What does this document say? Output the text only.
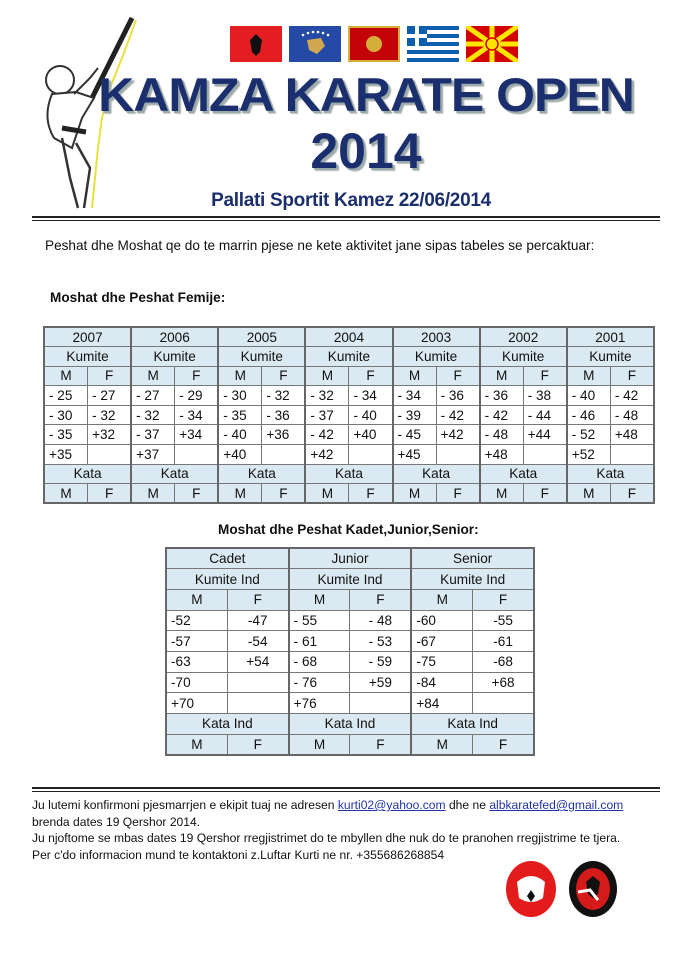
KAMZA KARATE OPEN
2014
Pallati Sportit Kamez 22/06/2014
Peshat dhe Moshat qe do te marrin pjese ne kete aktivitet jane sipas tabeles se percaktuar:
Moshat dhe Peshat Femije:
2007		2006		2005		2004		2003		2002		2001	
Kumite		Kumite		Kumite		Kumite		Kumite		Kumite		Kumite	
M	F	M	F	M	F	M	F	M	F	M	F	M	F
- 25	- 27	- 27	- 29	- 30	- 32	- 32	- 34	- 34	- 36	- 36	- 38	- 40	- 42
- 30	- 32	- 32	- 34	- 35	- 36	- 37	- 40	- 39	- 42	- 42	- 44	- 46	- 48
- 35	+32	- 37	+34	- 40	+36	- 42	+40	- 45	+42	- 48	+44	- 52	+48
+35		+37		+40		+42		+45		+48		+52	
Kata		Kata		Kata		Kata		Kata		Kata		Kata	
M	F	M	F	M	F	M	F	M	F	M	F	M	F
Moshat dhe Peshat Kadet,Junior,Senior:
Cadet		Junior		Senior	
Kumite Ind		Kumite Ind		Kumite Ind	
M	F	M	F	M	F
-52	-47	- 55	- 48	-60	-55
-57	-54	- 61	- 53	-67	-61
-63	+54	- 68	- 59	-75	-68
-70		- 76	+59	-84	+68
+70		+76		+84	
Kata Ind		Kata Ind		Kata Ind	
M	F	M	F	M	F
Ju lutemi konfirmoni pjesmarrjen e ekipit tuaj ne adresen kurti02@yahoo.com dhe ne albkaratefed@gmail.com
brenda dates 19 Qershor 2014.
Ju njoftome se mbas dates 19 Qershor rregjistrimet do te mbyllen dhe nuk do te pranohen rregjistrime te tjera.
Per c'do informacion mund te kontaktoni z.Luftar Kurti ne nr. +355686268854
